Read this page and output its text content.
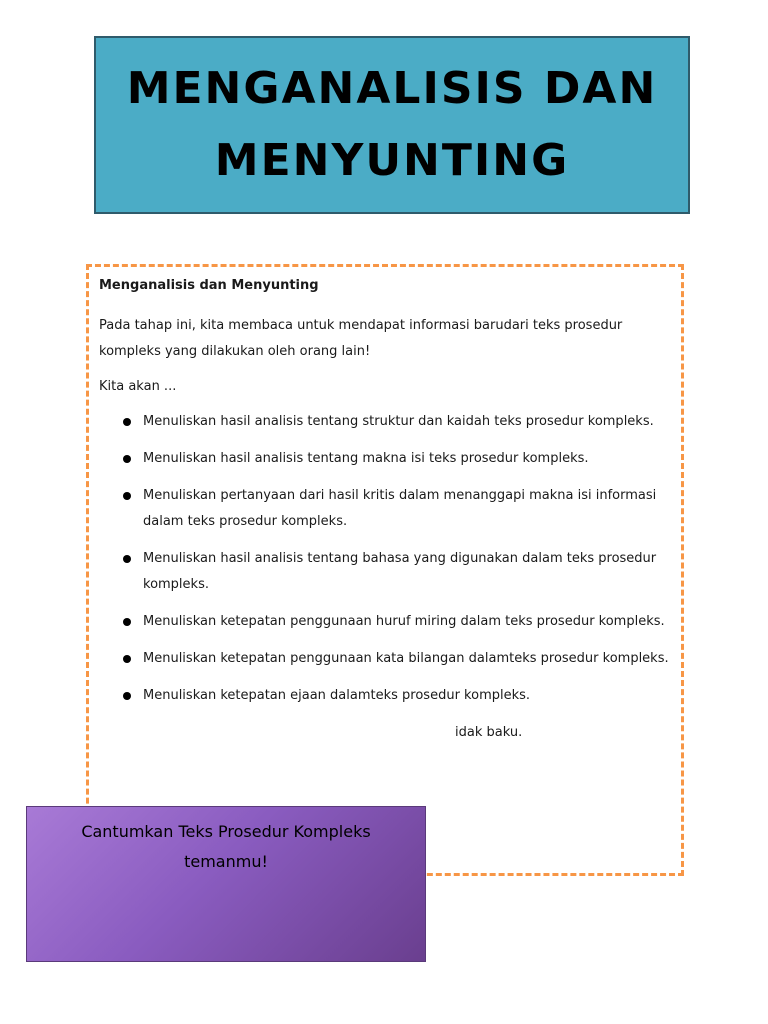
MENGANALISIS DAN
MENYUNTING
Menganalisis dan Menyunting
Pada tahap ini, kita membaca untuk mendapat informasi barudari teks prosedur
kompleks yang dilakukan oleh orang lain!
Kita akan ...
Menuliskan hasil analisis tentang struktur dan kaidah teks prosedur kompleks.
Menuliskan hasil analisis tentang makna isi teks prosedur kompleks.
Menuliskan pertanyaan dari hasil kritis dalam menanggapi makna isi informasi dalam teks prosedur kompleks.
Menuliskan hasil analisis tentang bahasa yang digunakan dalam teks prosedur kompleks.
Menuliskan ketepatan penggunaan huruf miring dalam teks prosedur kompleks.
Menuliskan ketepatan penggunaan kata bilangan dalamteks prosedur kompleks.
Menuliskan ketepatan ejaan dalamteks prosedur kompleks.
idak baku.
Cantumkan Teks Prosedur Kompleks
temanmu!
